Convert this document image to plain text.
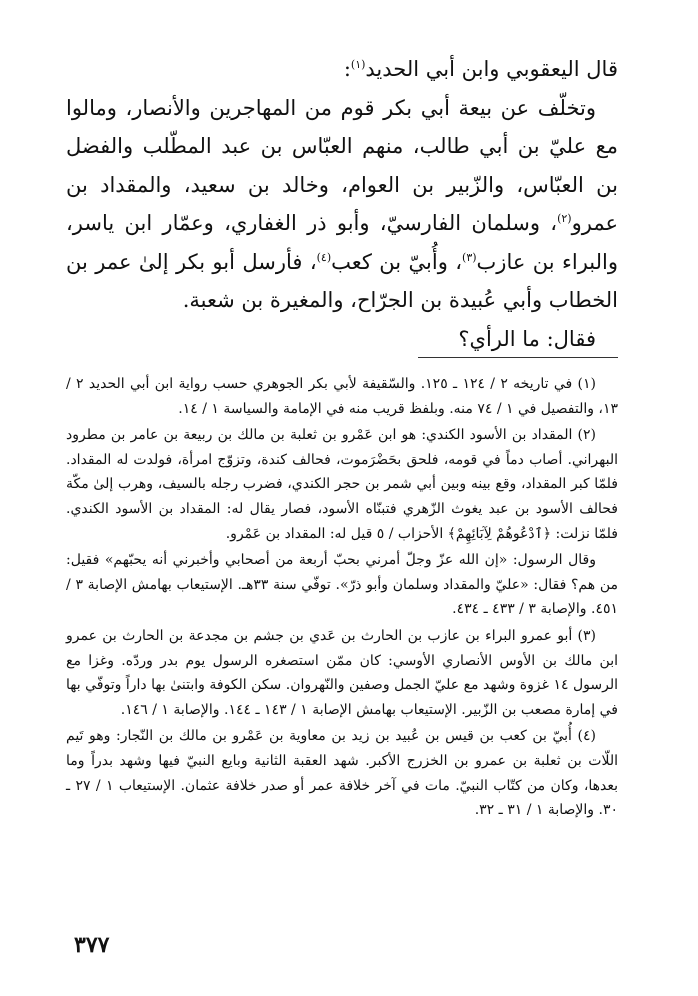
قال اليعقوبي وابن أبي الحديد$^{(١)}$:

وتخلّف عن بيعة أبي بكر قوم من المهاجرين والأنصار، ومالوا مع عليّ بن أبي طالب، منهم العبّاس بن عبد المطّلب والفضل بن العبّاس، والزّبير بن العوام، وخالد بن سعيد، والمقداد بن عمرو$^{(٢)}$، وسلمان الفارسيّ، وأبو ذر الغفاري، وعمّار ابن ياسر، والبراء بن عازب$^{(٣)}$، وأُبيّ بن كعب$^{(٤)}$، فأرسل أبو بكر إلىٰ عمر بن الخطاب وأبي عُبيدة بن الجرّاح، والمغيرة بن شعبة.

فقال: ما الرأي؟

(١) في تاريخه ٢ / ١٢٤ ـ ١٢٥. والسّقيفة لأبي بكر الجوهري حسب رواية ابن أبي الحديد ٢ / ١٣، والتفصيل في ١ / ٧٤ منه. وبلفظ قريب منه في الإمامة والسياسة ١ / ١٤.

(٢) المقداد بن الأسود الكندي: هو ابن عَمْرو بن ثعلبة بن مالك بن ربيعة بن عامر بن مطرود البهراني. أصاب دماً في قومه، فلحق بحَضْرَموت، فحالف كندة، وتزوّج امرأة، فولدت له المقداد. فلمّا كبر المقداد، وقع بينه وبين أبي شمر بن حجر الكندي، فضرب رجله بالسيف، وهرب إلىٰ مكّة فحالف الأسود بن عبد يغوث الزّهري فتبنّاه الأسود، فصار يقال له: المقداد بن الأسود الكندي. فلمّا نزلت: ﴿ٱدْعُوهُمْ لِآبَائِهِمْ﴾ الأحزاب / ٥ قيل له: المقداد بن عَمْرو.

وقال الرسول: «إن الله عزّ وجلّ أمرني بحبّ أربعة من أصحابي وأخبرني أنه يحبّهم» فقيل: من هم؟ فقال: «عليّ والمقداد وسلمان وأبو ذرّ». توفّي سنة ٣٣هـ. الإستيعاب بهامش الإصابة ٣ / ٤٥١. والإصابة ٣ / ٤٣٣ ـ ٤٣٤.

(٣) أبو عمرو البراء بن عازب بن الحارث بن عَدي بن جشم بن مجدعة بن الحارث بن عمرو ابن مالك بن الأوس الأنصاري الأوسي: كان ممّن استصغره الرسول يوم بدر وردّه. وغزا مع الرسول ١٤ غزوة وشهد مع عليّ الجمل وصفين والنّهروان. سكن الكوفة وابتنىٰ بها داراً وتوفّي بها في إمارة مصعب بن الزّبير. الإستيعاب بهامش الإصابة ١ / ١٤٣ ـ ١٤٤. والإصابة ١ / ١٤٦.

(٤) أُبيّ بن كعب بن قيس بن عُبيد بن زيد بن معاوية بن عَمْرو بن مالك بن النّجار: وهو تَيم اللّات بن ثعلبة بن عمرو بن الخزرج الأكبر. شهد العقبة الثانية وبايع النبيّ فيها وشهد بدراً وما بعدها، وكان من كتّاب النبيّ. مات في آخر خلافة عمر أو صدر خلافة عثمان. الإستيعاب ١ / ٢٧ ـ ٣٠. والإصابة ١ / ٣١ ـ ٣٢.

٣٧٧
